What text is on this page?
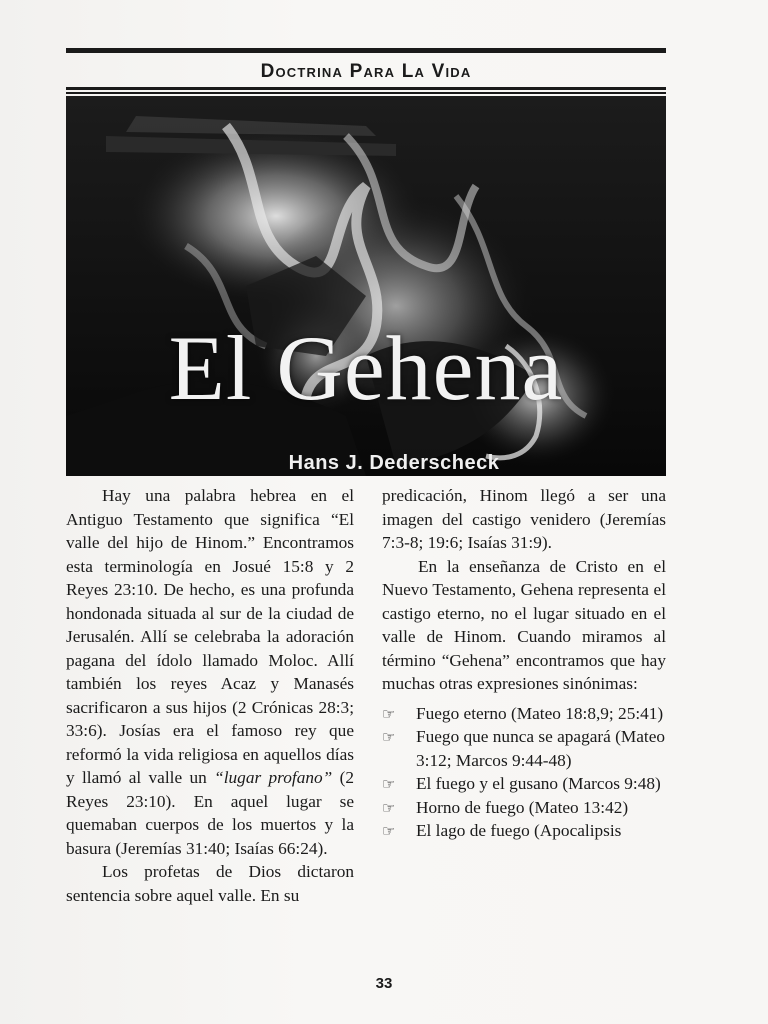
Doctrina Para La Vida
El Gehena
Hans J. Dederscheck

Hay una palabra hebrea en el Antiguo Testamento que significa “El valle del hijo de Hinom.” Encontramos esta terminología en Josué 15:8 y 2 Reyes 23:10. De hecho, es una profunda hondonada situada al sur de la ciudad de Jerusalén. Allí se celebraba la adoración pagana del ídolo llamado Moloc. Allí también los reyes Acaz y Manasés sacrificaron a sus hijos (2 Crónicas 28:3; 33:6). Josías era el famoso rey que reformó la vida religiosa en aquellos días y llamó al valle un “lugar profano” (2 Reyes 23:10). En aquel lugar se quemaban cuerpos de los muertos y la basura (Jeremías 31:40; Isaías 66:24).

Los profetas de Dios dictaron sentencia sobre aquel valle. En su

predicación, Hinom llegó a ser una imagen del castigo venidero (Jeremías 7:3-8; 19:6; Isaías 31:9).

En la enseñanza de Cristo en el Nuevo Testamento, Gehena representa el castigo eterno, no el lugar situado en el valle de Hinom. Cuando miramos al término “Gehena” encontramos que hay muchas otras expresiones sinónimas:

☞ Fuego eterno (Mateo 18:8,9; 25:41)
☞ Fuego que nunca se apagará (Mateo 3:12; Marcos 9:44-48)
☞ El fuego y el gusano (Marcos 9:48)
☞ Horno de fuego (Mateo 13:42)
☞ El lago de fuego (Apocalipsis
33
